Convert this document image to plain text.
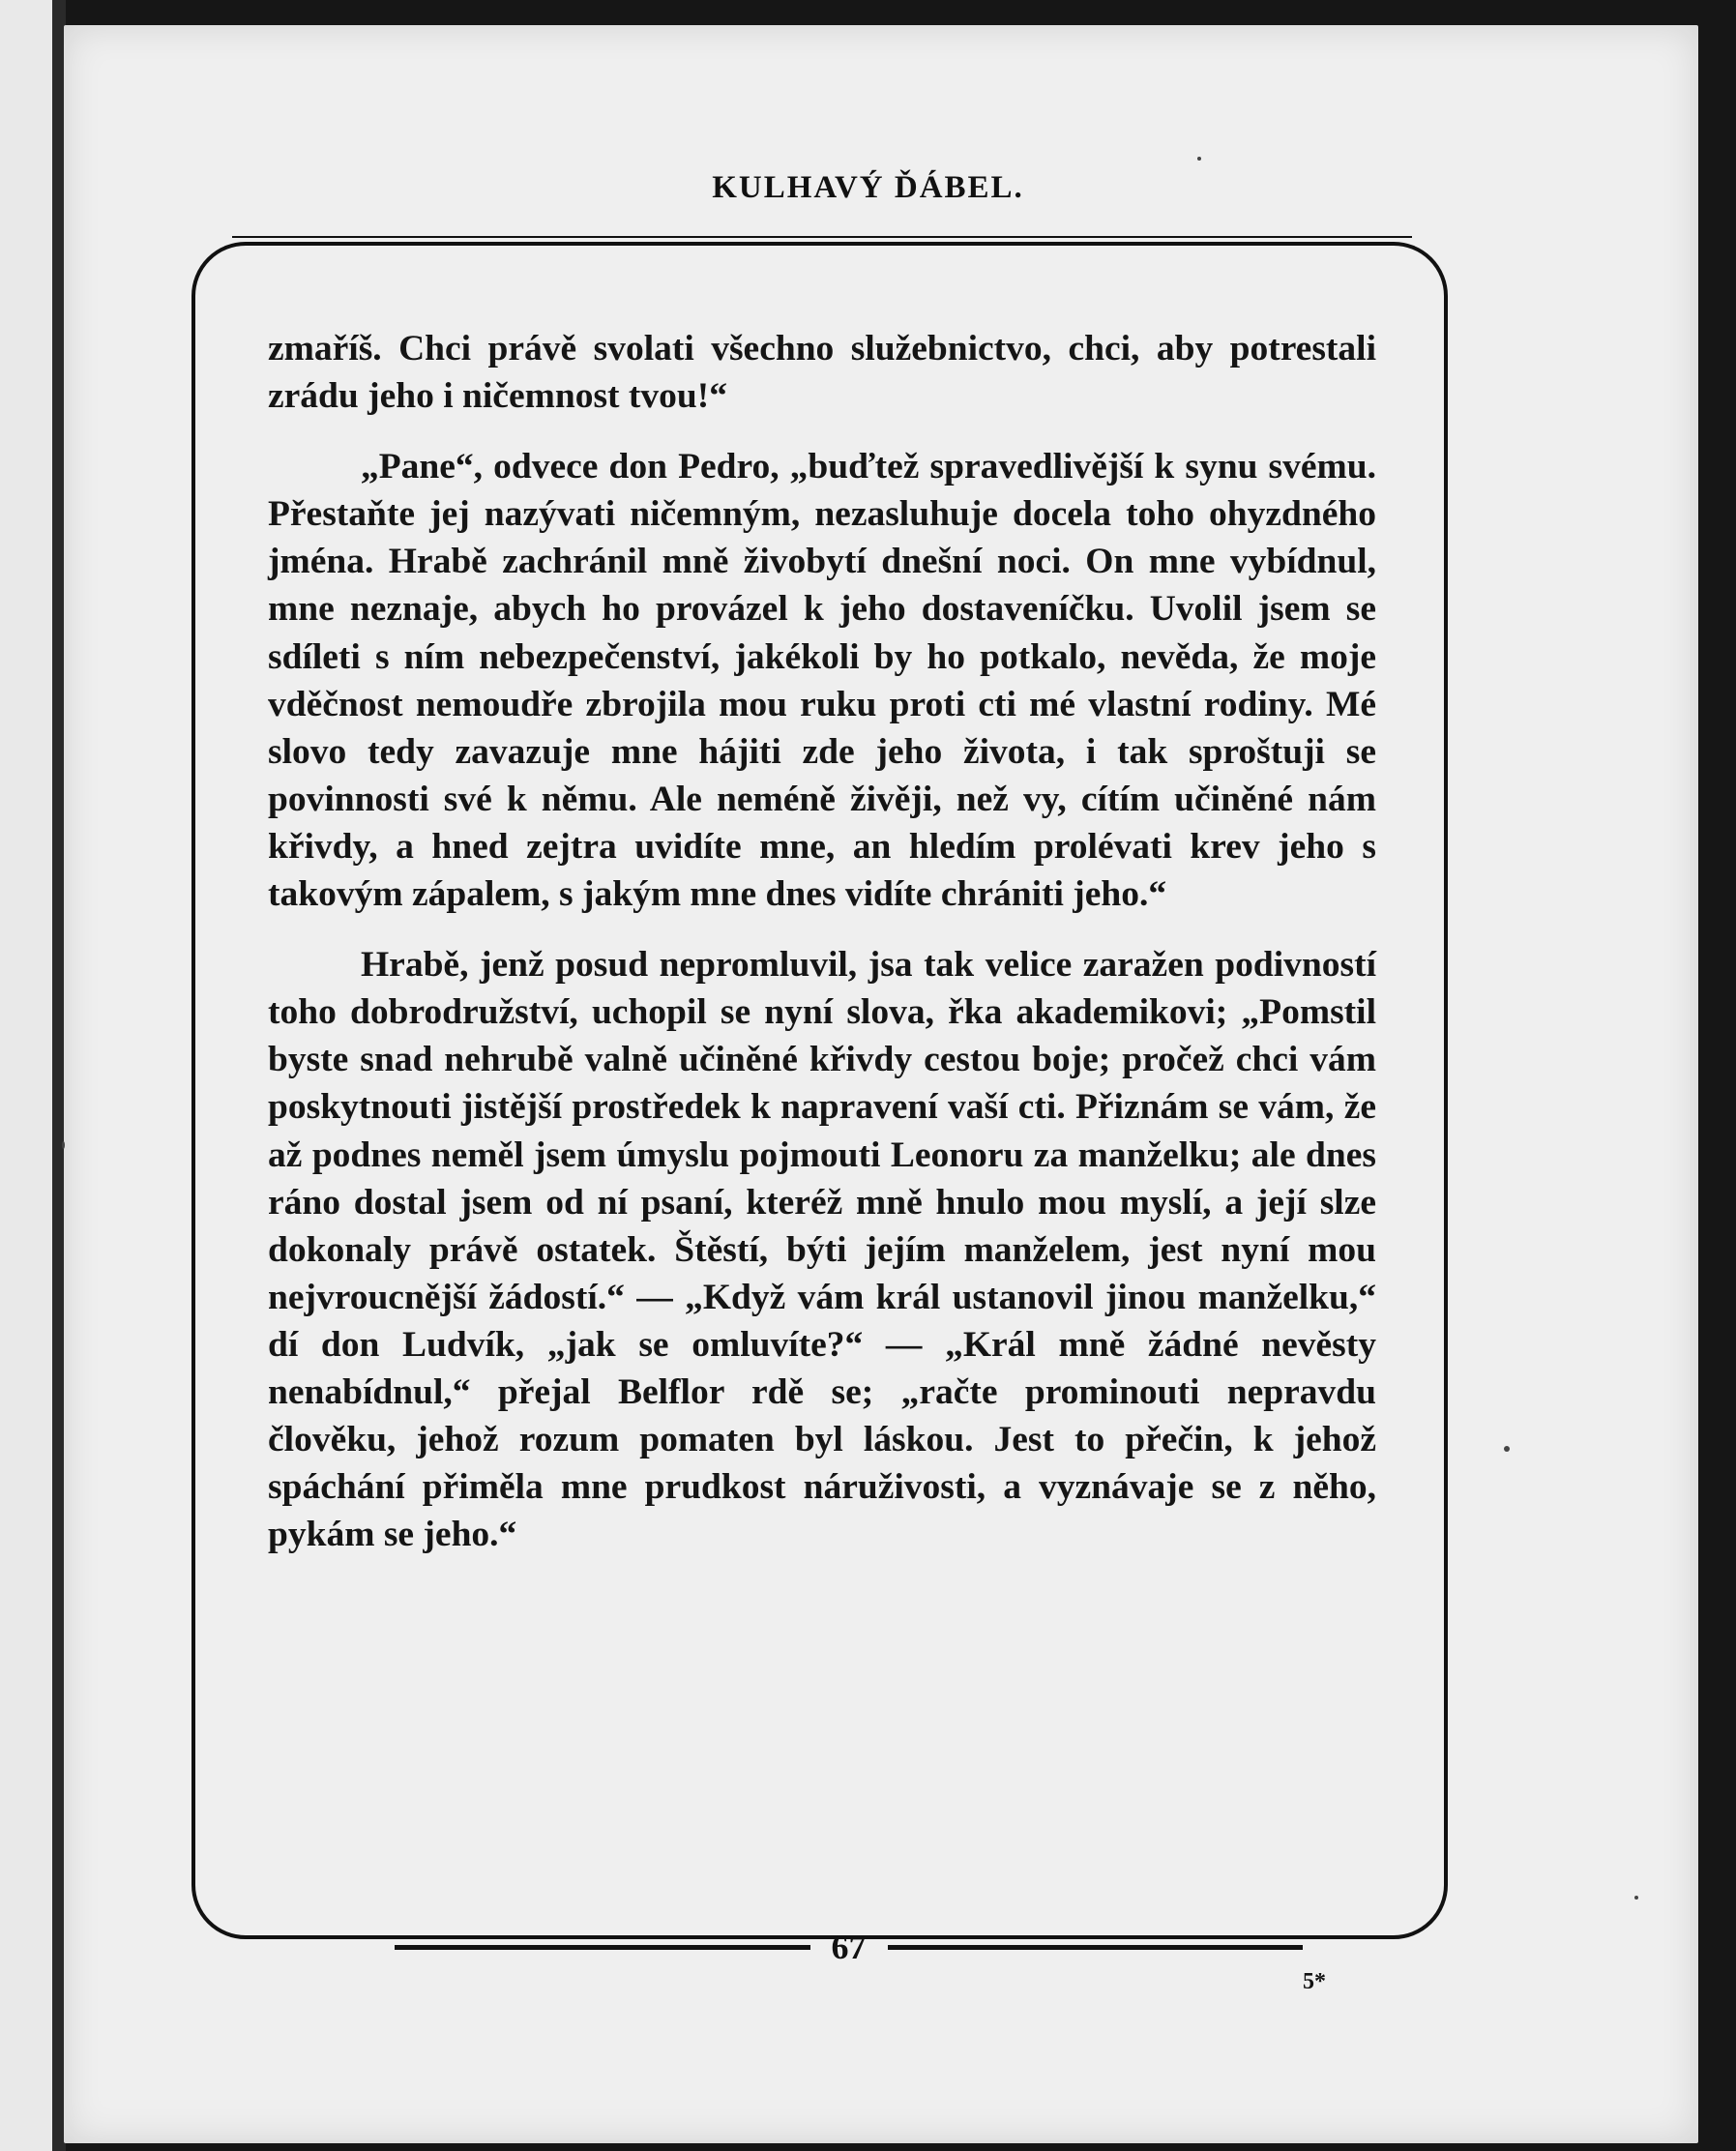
KULHAVÝ ĎÁBEL.

zmaříš. Chci právě svolati všechno služebnictvo, chci, aby potrestali zrádu jeho i ničemnost tvou!“

„Pane“, odvece don Pedro, „buďtež spravedlivější k synu svému. Přestaňte jej nazývati ničemným, nezasluhuje docela toho ohyzdného jména. Hrabě zachránil mně živobytí dnešní noci. On mne vybídnul, mne neznaje, abych ho provázel k jeho dostaveníčku. Uvolil jsem se sdíleti s ním nebezpečenství, jakékoli by ho potkalo, nevěda, že moje vděčnost nemoudře zbrojila mou ruku proti cti mé vlastní rodiny. Mé slovo tedy zavazuje mne hájiti zde jeho života, i tak sproštuji se povinnosti své k němu. Ale neméně živěji, než vy, cítím učiněné nám křivdy, a hned zejtra uvidíte mne, an hledím prolévati krev jeho s takovým zápalem, s jakým mne dnes vidíte chrániti jeho.“

Hrabě, jenž posud nepromluvil, jsa tak velice zaražen podivností toho dobrodružství, uchopil se nyní slova, řka akademikovi; „Pomstil byste snad nehrubě valně učiněné křivdy cestou boje; pročež chci vám poskytnouti jistější prostředek k napravení vaší cti. Přiznám se vám, že až podnes neměl jsem úmyslu pojmouti Leonoru za manželku; ale dnes ráno dostal jsem od ní psaní, kteréž mně hnulo mou myslí, a její slze dokonaly právě ostatek. Štěstí, býti jejím manželem, jest nyní mou nejvroucnější žádostí.“ — „Když vám král ustanovil jinou manželku,“ dí don Ludvík, „jak se omluvíte?“ — „Král mně žádné nevěsty nenabídnul,“ přejal Belflor rdě se; „račte prominouti nepravdu člověku, jehož rozum pomaten byl láskou. Jest to přečin, k jehož spáchání přiměla mne prudkost náruživosti, a vyznávaje se z něho, pykám se jeho.“

67
5*
